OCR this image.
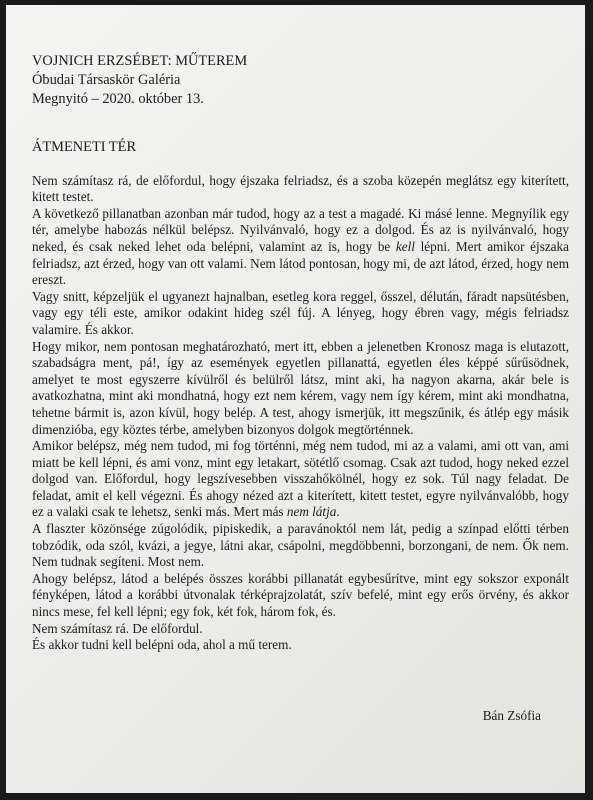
VOJNICH ERZSÉBET: MŰTEREM

Óbudai Társaskör Galéria

Megnyitó – 2020. október 13.

ÁTMENETI TÉR

Nem számítasz rá, de előfordul, hogy éjszaka felriadsz, és a szoba közepén meglátsz egy kiterített, kitett testet.

A következő pillanatban azonban már tudod, hogy az a test a magadé. Ki másé lenne. Megnyílik egy tér, amelybe habozás nélkül belépsz. Nyilvánvaló, hogy ez a dolgod. És az is nyilvánvaló, hogy neked, és csak neked lehet oda belépni, valamint az is, hogy be kell lépni. Mert amikor éjszaka felriadsz, azt érzed, hogy van ott valami. Nem látod pontosan, hogy mi, de azt látod, érzed, hogy nem ereszt.

Vagy snitt, képzeljük el ugyanezt hajnalban, esetleg kora reggel, ősszel, délután, fáradt napsütésben, vagy egy téli este, amikor odakint hideg szél fúj. A lényeg, hogy ébren vagy, mégis felriadsz valamire. És akkor.

Hogy mikor, nem pontosan meghatározható, mert itt, ebben a jelenetben Kronosz maga is elutazott, szabadságra ment, pá!, így az események egyetlen pillanattá, egyetlen éles képpé sűrűsödnek, amelyet te most egyszerre kívülről és belülről látsz, mint aki, ha nagyon akarna, akár bele is avatkozhatna, mint aki mondhatná, hogy ezt nem kérem, vagy nem így kérem, mint aki mondhatna, tehetne bármit is, azon kívül, hogy belép. A test, ahogy ismerjük, itt megszűnik, és átlép egy másik dimenzióba, egy köztes térbe, amelyben bizonyos dolgok megtörténnek.

Amikor belépsz, még nem tudod, mi fog történni, még nem tudod, mi az a valami, ami ott van, ami miatt be kell lépni, és ami vonz, mint egy letakart, sötétlő csomag. Csak azt tudod, hogy neked ezzel dolgod van. Előfordul, hogy legszívesebben visszahőkölnél, hogy ez sok. Túl nagy feladat. De feladat, amit el kell végezni. És ahogy nézed azt a kiterített, kitett testet, egyre nyilvánvalóbb, hogy ez a valaki csak te lehetsz, senki más. Mert más nem látja.

A flaszter közönsége zúgolódik, pipiskedik, a paravánoktól nem lát, pedig a színpad előtti térben tobzódik, oda szól, kvázi, a jegye, látni akar, csápolni, megdöbbenni, borzongani, de nem. Ők nem. Nem tudnak segíteni. Most nem.

Ahogy belépsz, látod a belépés összes korábbi pillanatát egybesűrítve, mint egy sokszor exponált fényképen, látod a korábbi útvonalak térképrajzolatát, szív befelé, mint egy erős örvény, és akkor nincs mese, fel kell lépni; egy fok, két fok, három fok, és.

Nem számítasz rá. De előfordul.

És akkor tudni kell belépni oda, ahol a mű terem.

Bán Zsófia
